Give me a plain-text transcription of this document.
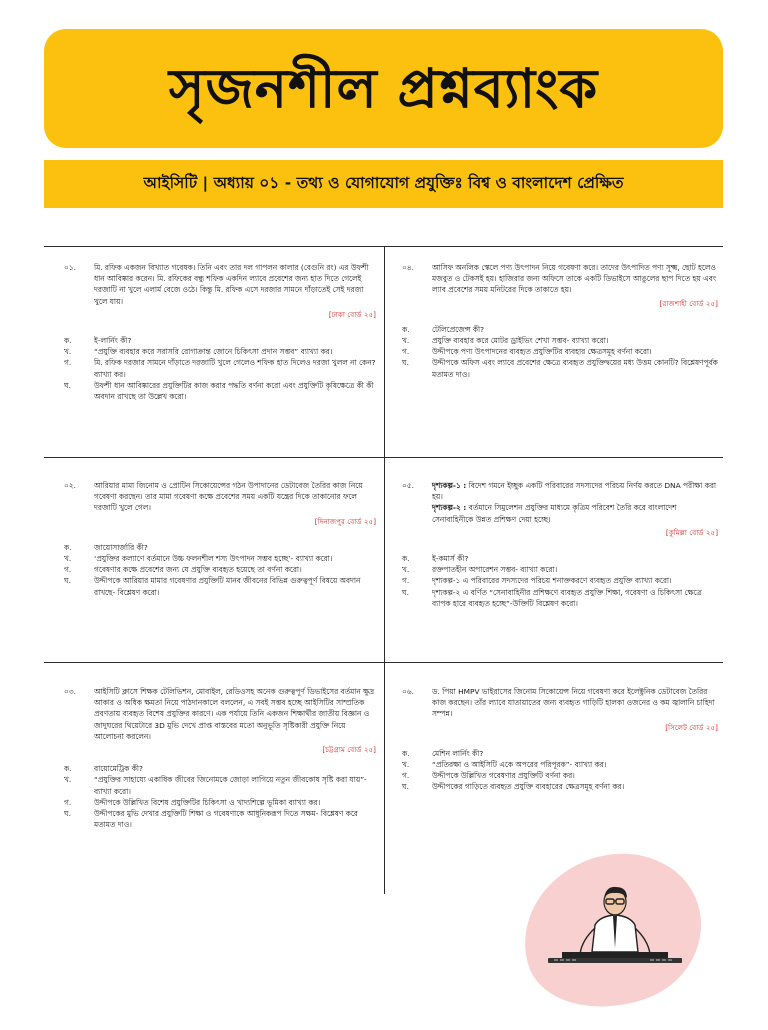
সৃজনশীল প্রশ্নব্যাংক
আইসিটি | অধ্যায় ০১ - তথ্য ও যোগাযোগ প্রযুক্তিঃ বিশ্ব ও বাংলাদেশ প্রেক্ষিত
০১.	মি. রফিক একজন বিখ্যাত গবেষক। তিনি এবং তার দল গাপলন কালার (বেগুনি রং) এর উফশী ধান আবিষ্কার করেন। মি. রফিকের বন্ধু শফিক একদিন ল্যাবে প্রবেশের জন্য হাত দিতে গেলেই দরজাটি না খুলে এলার্ম বেজে ওঠে। কিন্তু মি. রফিক এসে দরজার সামনে দাঁড়াতেই সেই দরজা খুলে যায়।
[ঢাকা বোর্ড ২৫]
ক.	ই-লার্নিং কী?
খ.	“প্রযুক্তি ব্যবহার করে সরাসরি রোগাক্রান্ত জোনে চিকিৎসা প্রদান সম্ভব” ব্যাখ্যা কর।
গ.	মি. রফিক দরজার সামনে দাঁড়াতে দরজাটি খুলে গেলেও শফিক হাত দিলেও দরজা খুলল না কেন? ব্যাখ্যা কর।
ঘ.	উফশী ধান আবিষ্কারের প্রযুক্তিটির কাজ করার পদ্ধতি বর্ণনা করো এবং প্রযুক্তিটি কৃষিক্ষেত্রে কী কী অবদান রাখছে তা উল্লেখ করো।
০৪.	আসিফ অনলিক স্কেলে পণ্য উৎপাদন নিয়ে গবেষণা করে। তাদের উৎপাদিত পণ্য সূক্ষ্ম, ছোট হলেও মজবুত ও টেকসই হয়। হাজিরার জন্য অফিসে তাকে একটি ডিভাইসে আঙুলের ছাপ দিতে হয় এবং ল্যাব প্রবেশের সময় মনিটরের দিকে তাকাতে হয়।
[রাজশাহী বোর্ড ২৫]
ক.	টেলিপ্রেজেন্স কী?
খ.	প্রযুক্তি ব্যবহার করে মোটর ড্রাইভিং শেখা সম্ভব- ব্যাখ্যা করো।
গ.	উদ্দীপকে পণ্য উৎপাদনের ব্যবহৃত প্রযুক্তিটির ব্যবহার ক্ষেত্রসমূহ বর্ণনা করো।
ঘ.	উদ্দীপকে অফিস এবং ল্যাবে প্রবেশের ক্ষেত্রে ব্যবহৃত প্রযুক্তিদ্বয়ের মধ্য উত্তম কোনটি? বিশ্লেষণপূর্বক মতামত দাও।
০২.	আরিয়ার মামা জিনোম ও প্রোটিন সিকোয়েন্সের গঠন উপাদানের ডেটাবেজ তৈরির কাজ নিয়ে গবেষণা করছেন। তার মামা গবেষণা কক্ষে প্রবেশের সময় একটি যন্ত্রের দিকে তাকানোর ফলে দরজাটি খুলে গেল।
[দিনাজপুর বোর্ড ২৫]
ক.	জায়োসার্জারি কী?
খ.	‘প্রযুক্তির কল্যাণে বর্তমানে উচ্চ ফলনশীল শস্য উৎপাদন সম্ভব হচ্ছে’- ব্যাখ্যা করো।
গ.	গবেষণার কক্ষে প্রবেশের জন্য যে প্রযুক্তি ব্যবহৃত হয়েছে তা বর্ণনা করো।
ঘ.	উদ্দীপকে আরিয়ার মামার গবেষণার প্রযুক্তিটি মানব জীবনের বিভিন্ন গুরুত্বপূর্ণ বিষয়ে অবদান রাখছে- বিশ্লেষণ করো।
০৫.	দৃশ্যকল্প-১ : বিদেশ গমনে ইচ্ছুক একটি পরিবারের সদস্যদের পরিচয় নির্ণয় করতে DNA পরীক্ষা করা হয়।
দৃশ্যকল্প-২ : বর্তমানে সিমুলেশন প্রযুক্তির মাধ্যমে কৃত্রিম পরিবেশ তৈরি করে বাংলাদেশ সেনাবাহিনীকে উন্নত প্রশিক্ষণ দেয়া হচ্ছে।
[কুমিল্লা বোর্ড ২৫]
ক.	ই-কমার্স কী?
খ.	রক্তপাতহীন অপারেশন সম্ভব- ব্যাখ্যা করো।
গ.	দৃশ্যকল্প-১ এ পরিবারের সদস্যদের পরিচয় শনাক্তকরণে ব্যবহৃত প্রযুক্তি ব্যাখ্যা করো।
ঘ.	দৃশ্যকল্প-২ এ বর্ণিত “সেনাবাহিনীর প্রশিক্ষণে ব্যবহৃত প্রযুক্তি শিক্ষা, গবেষণা ও চিকিৎসা ক্ষেত্রে ব্যাপক হারে ব্যবহৃত হচ্ছে”-উক্তিটি বিশ্লেষণ করো।
০৩.	আইসিটি ক্লাসে শিক্ষক টেলিভিশন, মোবাইল, রেডিওসহ অনেক গুরুত্বপূর্ণ ডিভাইসের বর্তমান ক্ষুদ্র আকার ও অধিক ক্ষমতা নিয়ে পাঠদানকালে বললেন, এ সবই সম্ভব হচ্ছে আইসিটির সাম্প্রতিক প্রবণতায় ব্যবহৃত বিশেষ প্রযুক্তির কারণে। এক পর্যায়ে তিনি একজন শিক্ষার্থীর জাতীয় বিজ্ঞান ও জাদুঘরের থিয়েটারে 3D মুভি দেখে প্রাপ্ত বাস্তবের মতো অনুভূতি সৃষ্টিকারী প্রযুক্তি নিয়ে আলোচনা করলেন।
[চট্টগ্রাম বোর্ড ২৫]
ক.	বায়োমেট্রিক কী?
খ.	“প্রযুক্তির সাহায্যে একাধিক জীবের জিনোমকে জোড়া লাগিয়ে নতুন জীবকোষ সৃষ্টি করা যায়”- ব্যাখ্যা করো।
গ.	উদ্দীপকে উল্লিখিত বিশেষ প্রযুক্তিটির চিকিৎসা ও খাদ্যশিল্পে ভূমিকা ব্যাখ্যা কর।
ঘ.	উদ্দীপকের মুভি দেখার প্রযুক্তিটি শিক্ষা ও গবেষণাকে আধুনিকরূপ দিতে সক্ষম- বিশ্লেষণ করে মতামত দাও।
০৬.	ড. পিয়া HMPV ভাইরাসের জিনোম সিকোয়েন্স নিয়ে গবেষণা করে ইলেক্ট্রনিক ডেটাবেজ তৈরির কাজ করছেন। তাঁর ল্যাবে যাতায়াতের জন্য ব্যবহৃত গাড়িটি হালকা ওজনের ও কম জ্বালানি চাহিদা সম্পন্ন।
[সিলেট বোর্ড ২৫]
ক.	মেশিন লার্নিং কী?
খ.	“প্রতিরক্ষা ও আইসিটি একে অপরের পরিপূরক”- ব্যাখ্যা কর।
গ.	উদ্দীপকে উল্লিখিত গবেষণার প্রযুক্তিটি বর্ণনা কর।
ঘ.	উদ্দীপকের গাড়িতে ব্যবহৃত প্রযুক্তি ব্যবহারের ক্ষেত্রসমূহ বর্ণনা কর।
